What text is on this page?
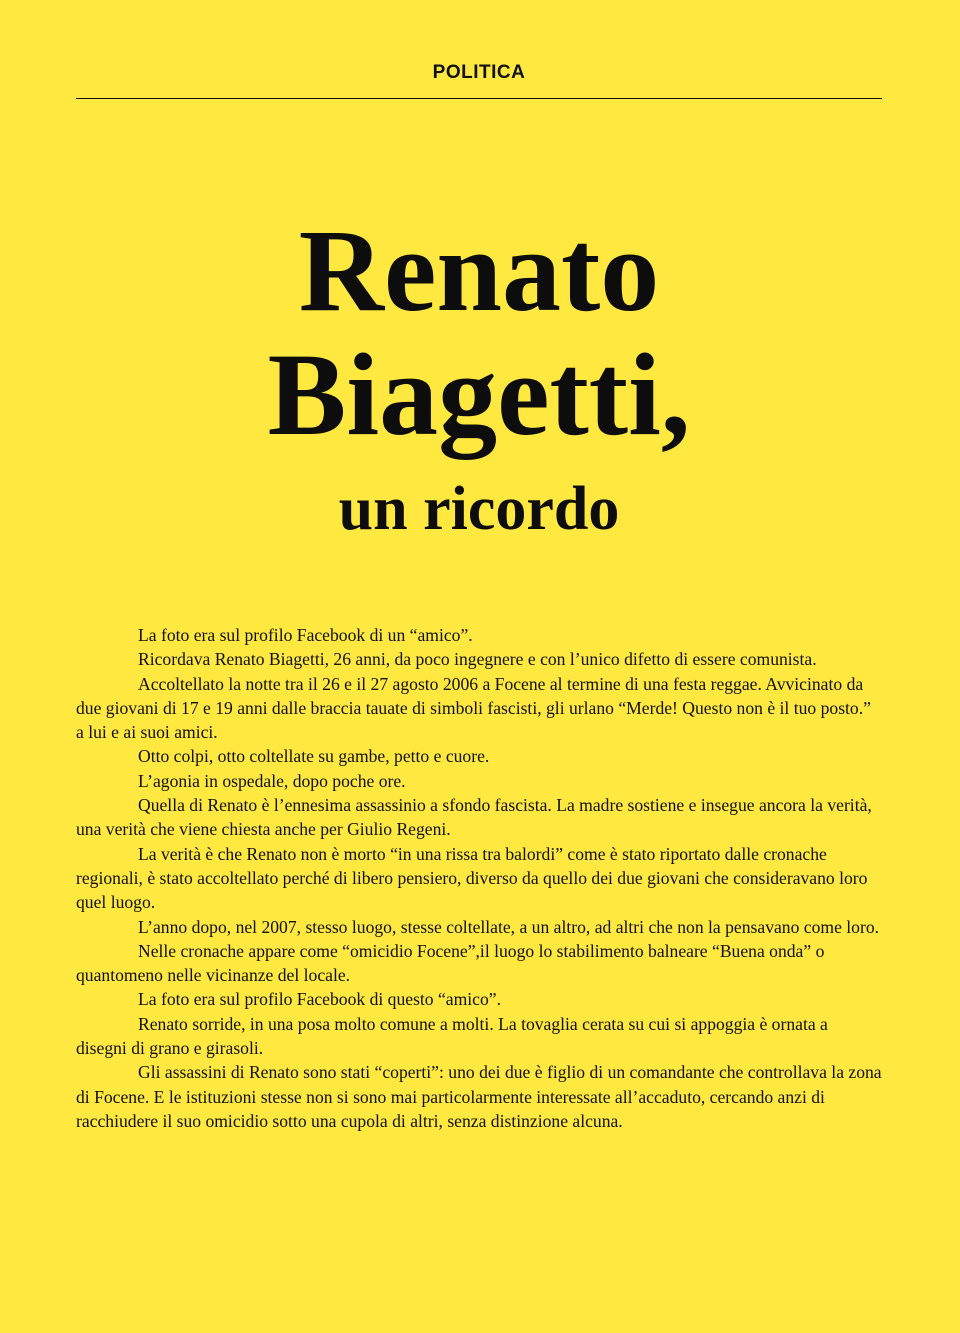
POLITICA
Renato
Biagetti,
un ricordo

La foto era sul profilo Facebook di un “amico”.

Ricordava Renato Biagetti, 26 anni, da poco ingegnere e con l’unico difetto di essere comunista.

Accoltellato la notte tra il 26 e il 27 agosto 2006 a Focene al termine di una festa reggae. Avvicinato da due giovani di 17 e 19 anni dalle braccia tauate di simboli fascisti, gli urlano “Merde! Questo non è il tuo posto.” a lui e ai suoi amici.

Otto colpi, otto coltellate su gambe, petto e cuore.

L’agonia in ospedale, dopo poche ore.

Quella di Renato è l’ennesima assassinio a sfondo fascista. La madre sostiene e insegue ancora la verità, una verità che viene chiesta anche per Giulio Regeni.

La verità è che Renato non è morto “in una rissa tra balordi” come è stato riportato dalle cronache regionali, è stato accoltellato perché di libero pensiero, diverso da quello dei due giovani che consideravano loro quel luogo.

L’anno dopo, nel 2007, stesso luogo, stesse coltellate, a un altro, ad altri che non la pensavano come loro.

Nelle cronache appare come “omicidio Focene”,il luogo lo stabilimento balneare “Buena onda” o quantomeno nelle vicinanze del locale.

La foto era sul profilo Facebook di questo “amico”.

Renato sorride, in una posa molto comune a molti. La tovaglia cerata su cui si appoggia è ornata a disegni di grano e girasoli.

Gli assassini di Renato sono stati “coperti”: uno dei due è figlio di un comandante che controllava la zona di Focene. E le istituzioni stesse non si sono mai particolarmente interessate all’accaduto, cercando anzi di racchiudere il suo omicidio sotto una cupola di altri, senza distinzione alcuna.
